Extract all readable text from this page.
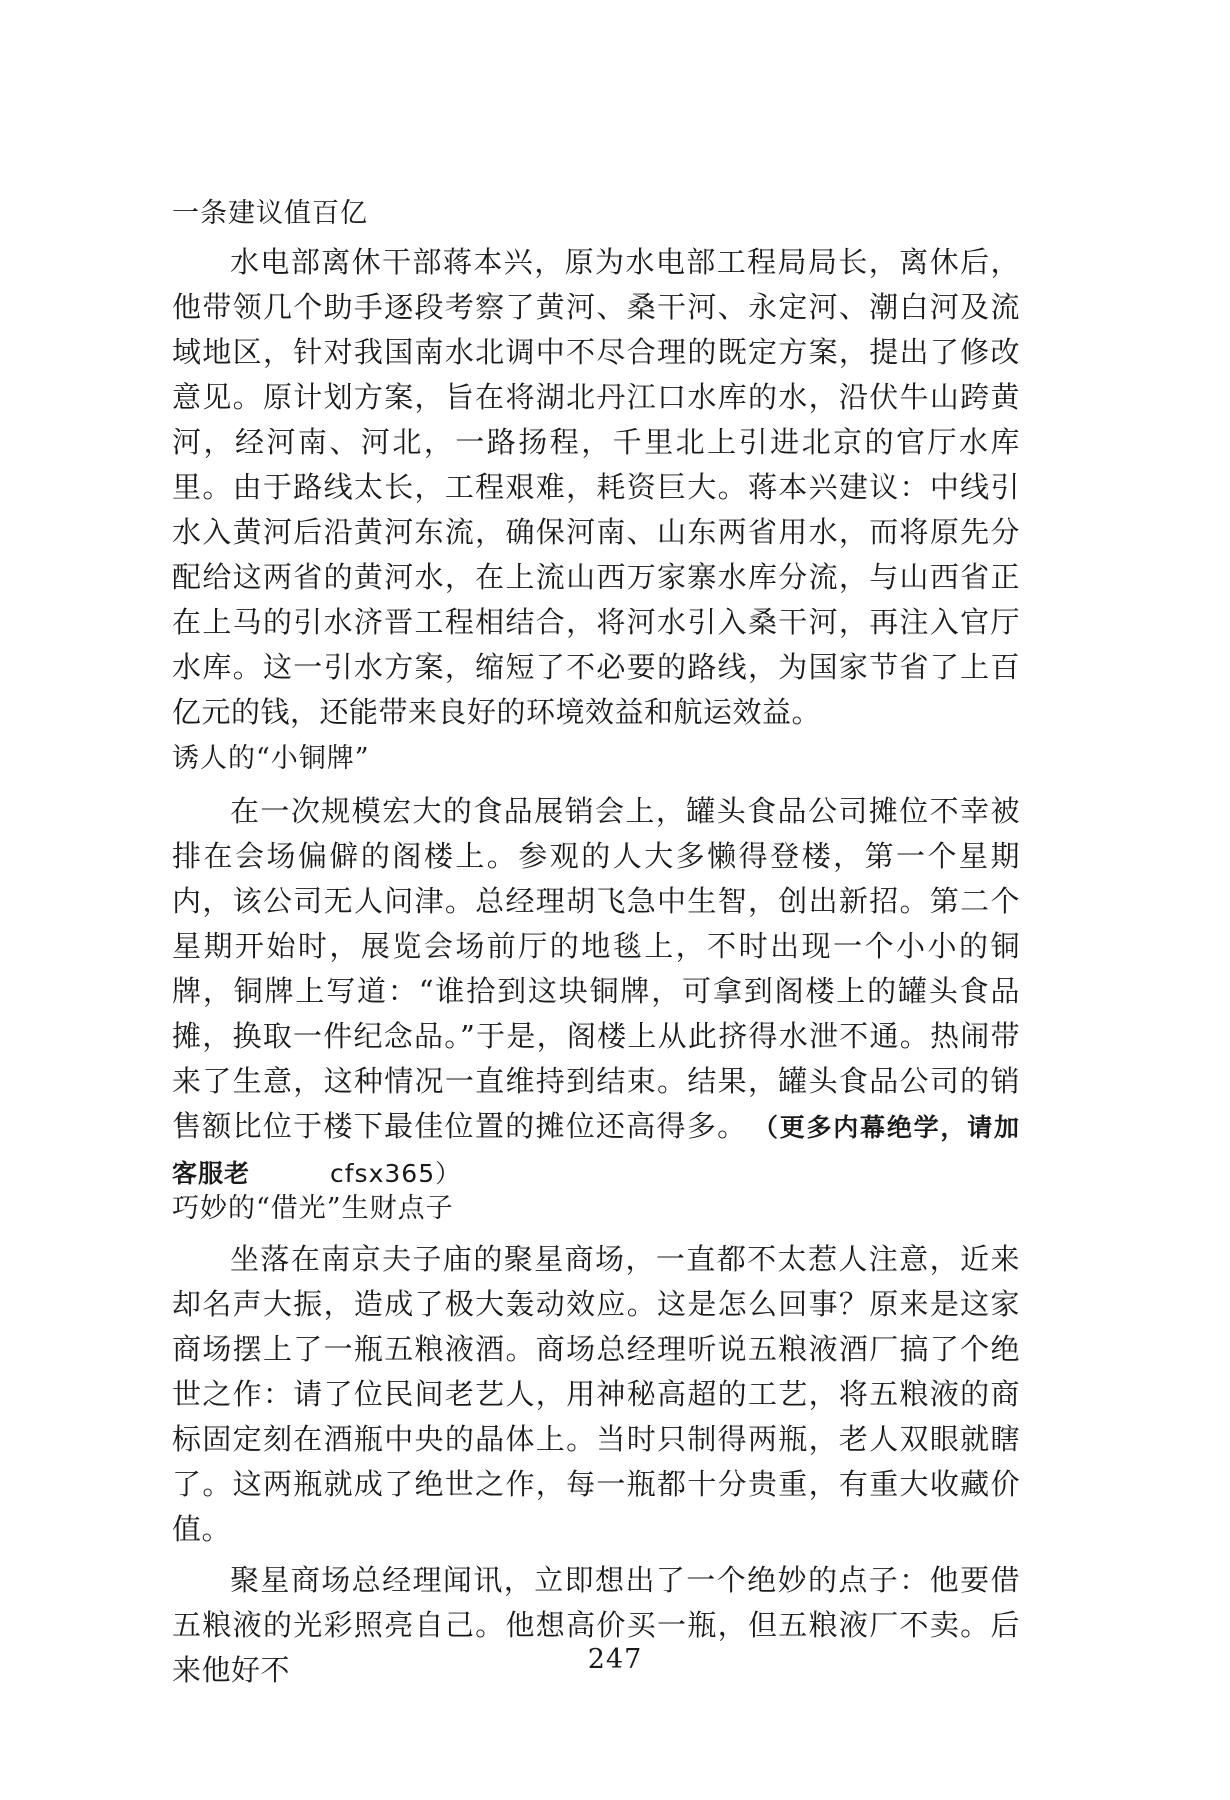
一条建议值百亿

水电部离休干部蒋本兴，原为水电部工程局局长，离休后，他带领几个助手逐段考察了黄河、桑干河、永定河、潮白河及流域地区，针对我国南水北调中不尽合理的既定方案，提出了修改意见。原计划方案，旨在将湖北丹江口水库的水，沿伏牛山跨黄河，经河南、河北，一路扬程，千里北上引进北京的官厅水库里。由于路线太长，工程艰难，耗资巨大。蒋本兴建议：中线引水入黄河后沿黄河东流，确保河南、山东两省用水，而将原先分配给这两省的黄河水，在上流山西万家寨水库分流，与山西省正在上马的引水济晋工程相结合，将河水引入桑干河，再注入官厅水库。这一引水方案，缩短了不必要的路线，为国家节省了上百亿元的钱，还能带来良好的环境效益和航运效益。

诱人的“小铜牌”

在一次规模宏大的食品展销会上，罐头食品公司摊位不幸被排在会场偏僻的阁楼上。参观的人大多懒得登楼，第一个星期内，该公司无人问津。总经理胡飞急中生智，创出新招。第二个星期开始时，展览会场前厅的地毯上，不时出现一个小小的铜牌，铜牌上写道：“谁拾到这块铜牌，可拿到阁楼上的罐头食品摊，换取一件纪念品。”于是，阁楼上从此挤得水泄不通。热闹带来了生意，这种情况一直维持到结束。结果，罐头食品公司的销售额比位于楼下最佳位置的摊位还高得多。 （更多内幕绝学，请加客服老	cfsx365）

巧妙的“借光”生财点子

坐落在南京夫子庙的聚星商场，一直都不太惹人注意，近来却名声大振，造成了极大轰动效应。这是怎么回事？原来是这家商场摆上了一瓶五粮液酒。商场总经理听说五粮液酒厂搞了个绝世之作：请了位民间老艺人，用神秘高超的工艺，将五粮液的商标固定刻在酒瓶中央的晶体上。当时只制得两瓶，老人双眼就瞎了。这两瓶就成了绝世之作，每一瓶都十分贵重，有重大收藏价值。

聚星商场总经理闻讯，立即想出了一个绝妙的点子：他要借五粮液的光彩照亮自己。他想高价买一瓶，但五粮液厂不卖。后来他好不	247
